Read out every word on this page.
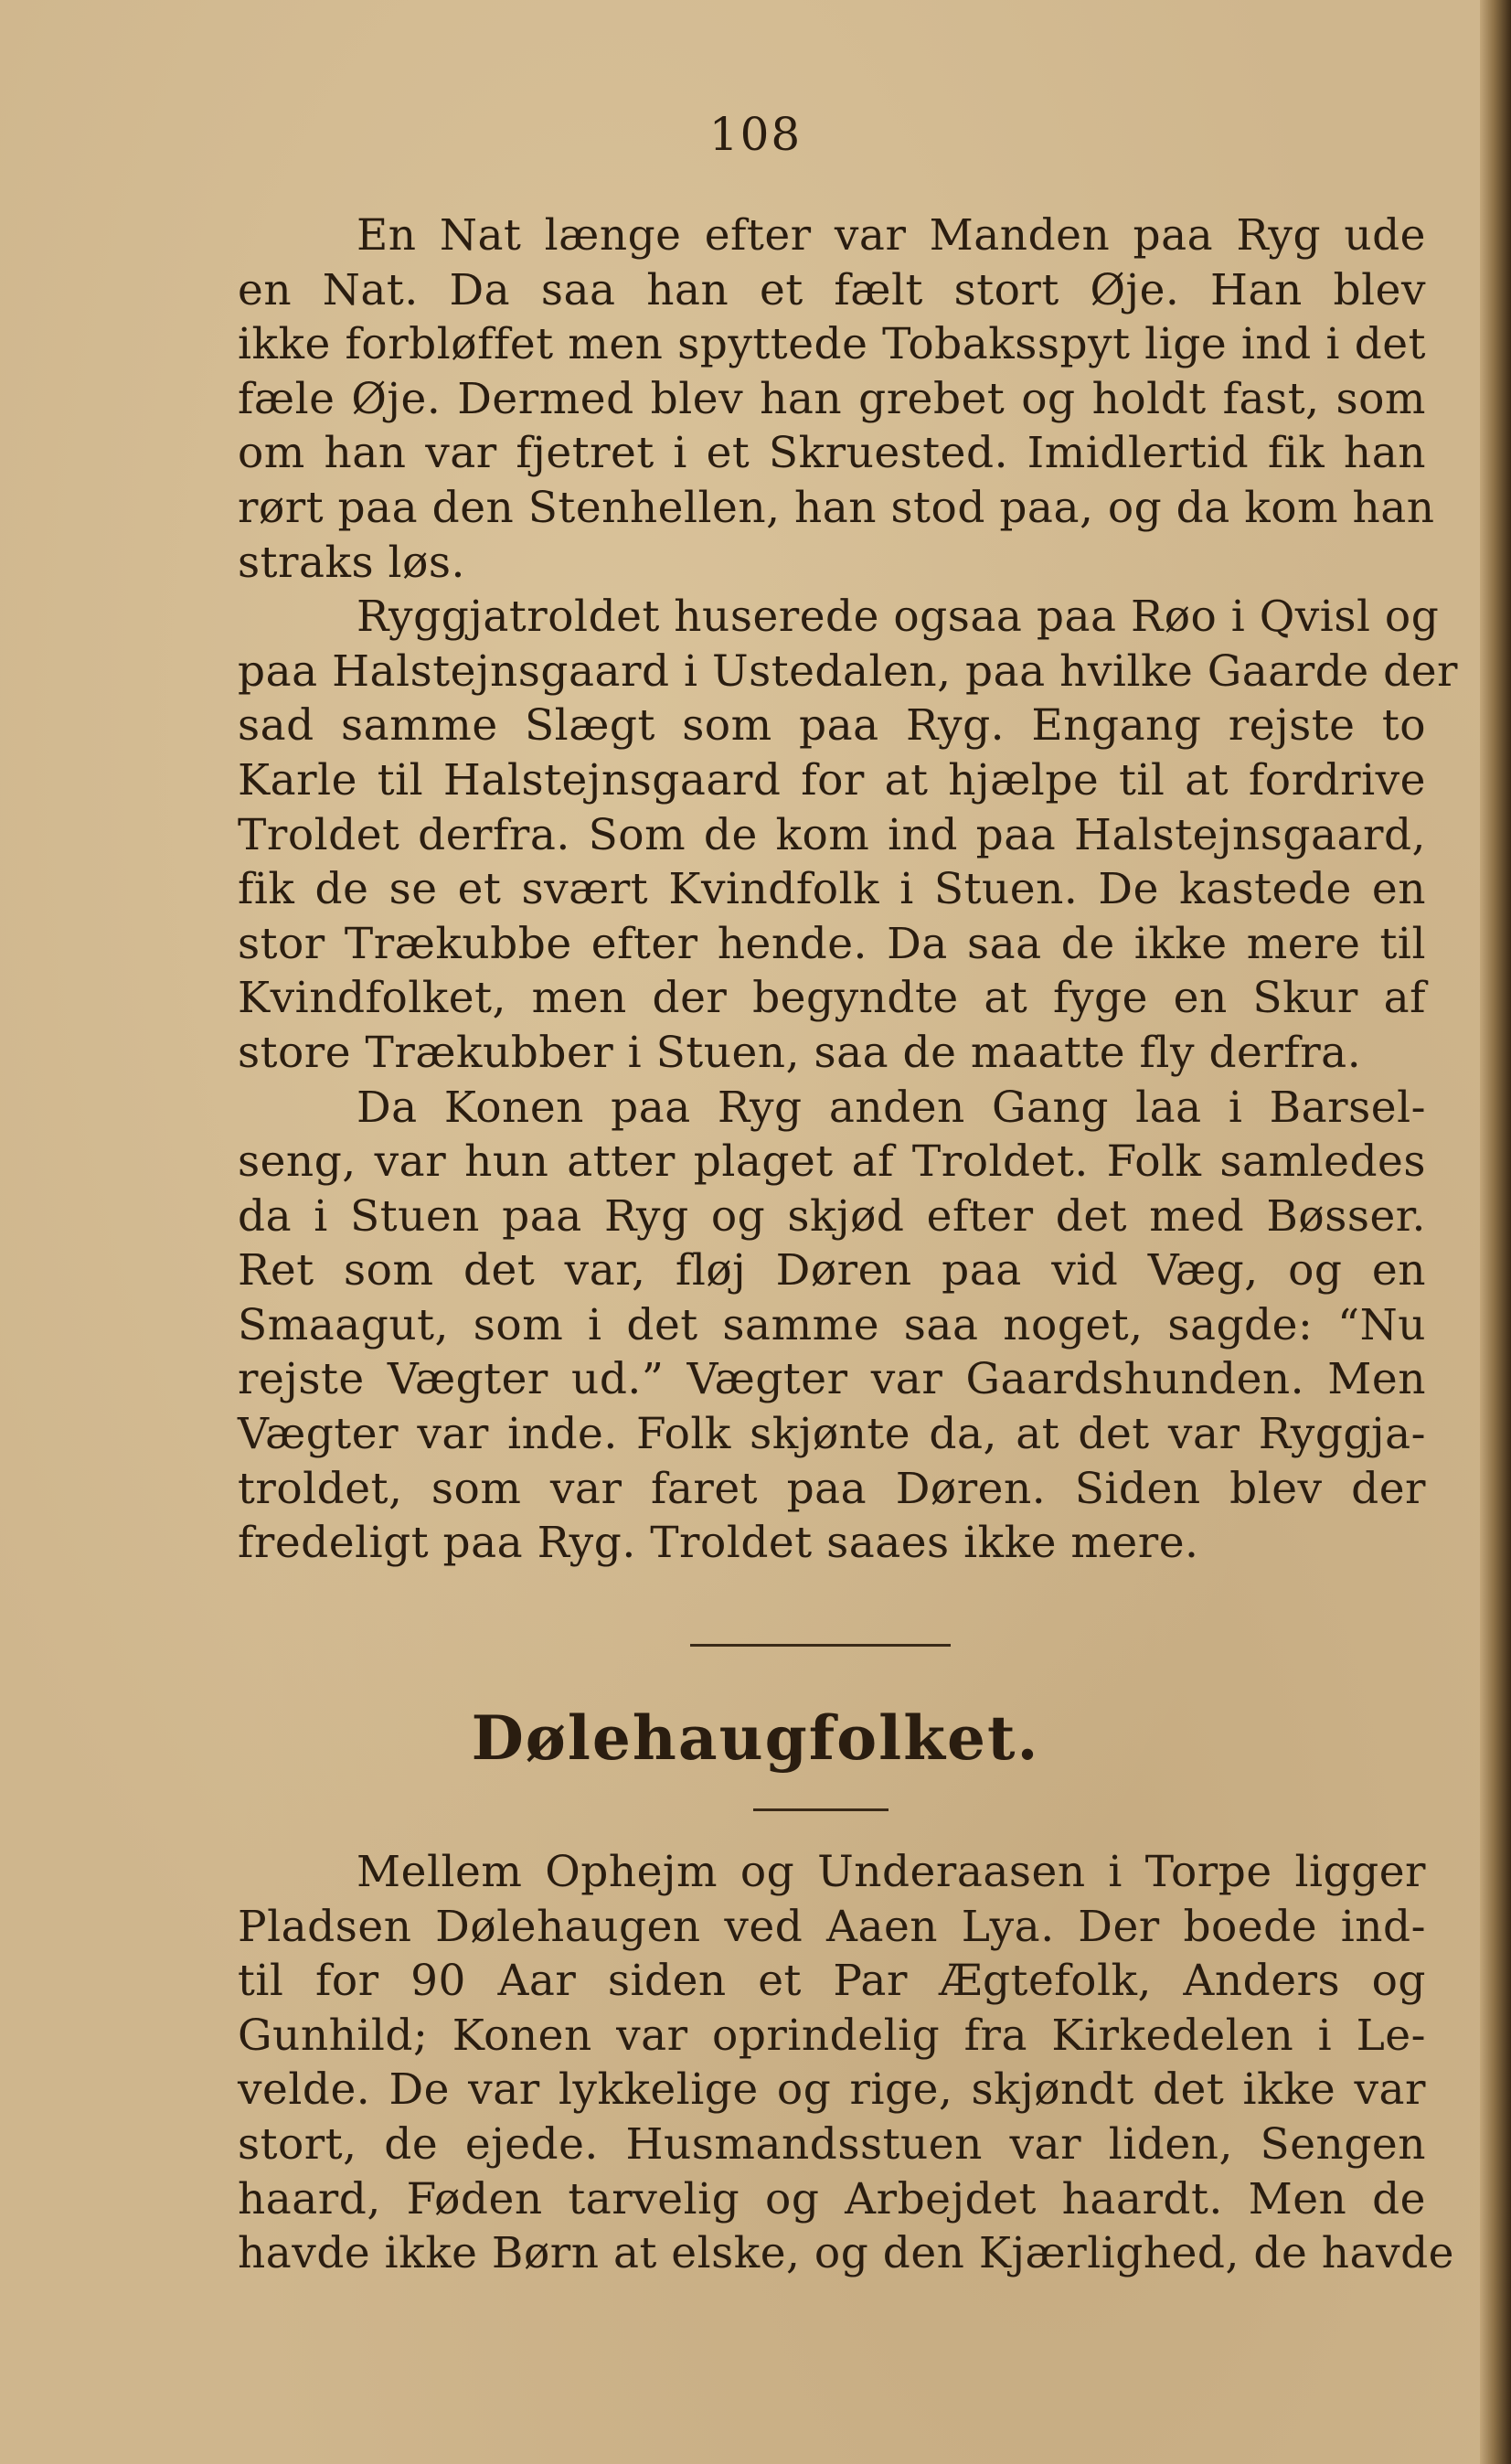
108
En Nat længe efter var Manden paa Ryg ude
en Nat. Da saa han et fælt stort Øje. Han blev
ikke forbløffet men spyttede Tobaksspyt lige ind i det
fæle Øje. Dermed blev han grebet og holdt fast, som
om han var fjetret i et Skruested. Imidlertid fik han
rørt paa den Stenhellen, han stod paa, og da kom han
straks løs.
Ryggjatroldet huserede ogsaa paa Røo i Qvisl og
paa Halstejnsgaard i Ustedalen, paa hvilke Gaarde der
sad samme Slægt som paa Ryg. Engang rejste to
Karle til Halstejnsgaard for at hjælpe til at fordrive
Troldet derfra. Som de kom ind paa Halstejnsgaard,
fik de se et svært Kvindfolk i Stuen. De kastede en
stor Trækubbe efter hende. Da saa de ikke mere til
Kvindfolket, men der begyndte at fyge en Skur af
store Trækubber i Stuen, saa de maatte fly derfra.
Da Konen paa Ryg anden Gang laa i Barsel-
seng, var hun atter plaget af Troldet. Folk samledes
da i Stuen paa Ryg og skjød efter det med Bøsser.
Ret som det var, fløj Døren paa vid Væg, og en
Smaagut, som i det samme saa noget, sagde: “Nu
rejste Vægter ud.” Vægter var Gaardshunden. Men
Vægter var inde. Folk skjønte da, at det var Ryggja-
troldet, som var faret paa Døren. Siden blev der
fredeligt paa Ryg. Troldet saaes ikke mere.
Dølehaugfolket.
Mellem Ophejm og Underaasen i Torpe ligger
Pladsen Dølehaugen ved Aaen Lya. Der boede ind-
til for 90 Aar siden et Par Ægtefolk, Anders og
Gunhild; Konen var oprindelig fra Kirkedelen i Le-
velde. De var lykkelige og rige, skjøndt det ikke var
stort, de ejede. Husmandsstuen var liden, Sengen
haard, Føden tarvelig og Arbejdet haardt. Men de
havde ikke Børn at elske, og den Kjærlighed, de havde
